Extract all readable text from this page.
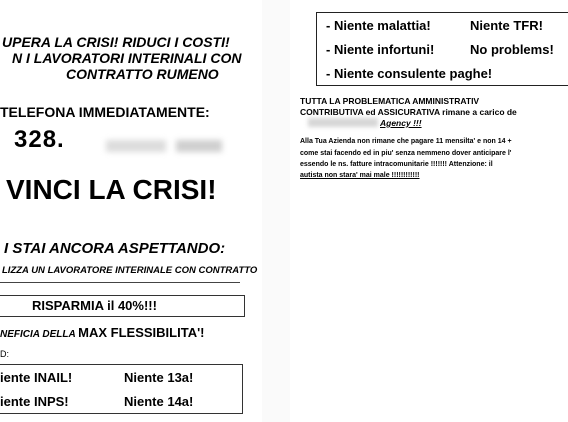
UPERA LA CRISI! RIDUCI I COSTI!
N I LAVORATORI INTERINALI CON
CONTRATTO RUMENO
TELEFONA IMMEDIATAMENTE:
328.
VINCI LA CRISI!
I STAI ANCORA ASPETTANDO:
LIZZA UN LAVORATORE INTERINALE CON CONTRATTO
RISPARMIA il 40%!!!
NEFICIA DELLA MAX FLESSIBILITA'!
D:
iente INAIL!	Niente 13a!
iente INPS!	Niente 14a!
- Niente malattia!	Niente TFR!
- Niente infortuni!	No problems!
- Niente consulente paghe!
TUTTA LA PROBLEMATICA AMMINISTRATIV
CONTRIBUTIVA ed ASSICURATIVA rimane a carico de
Agency !!!
Alla Tua Azienda non rimane che pagare 11 mensilta' e non 14 +
come stai facendo ed in piu' senza nemmeno dover anticipare l'
essendo le ns. fatture intracomunitarie !!!!!!! Attenzione: il
autista non stara' mai male !!!!!!!!!!!!
